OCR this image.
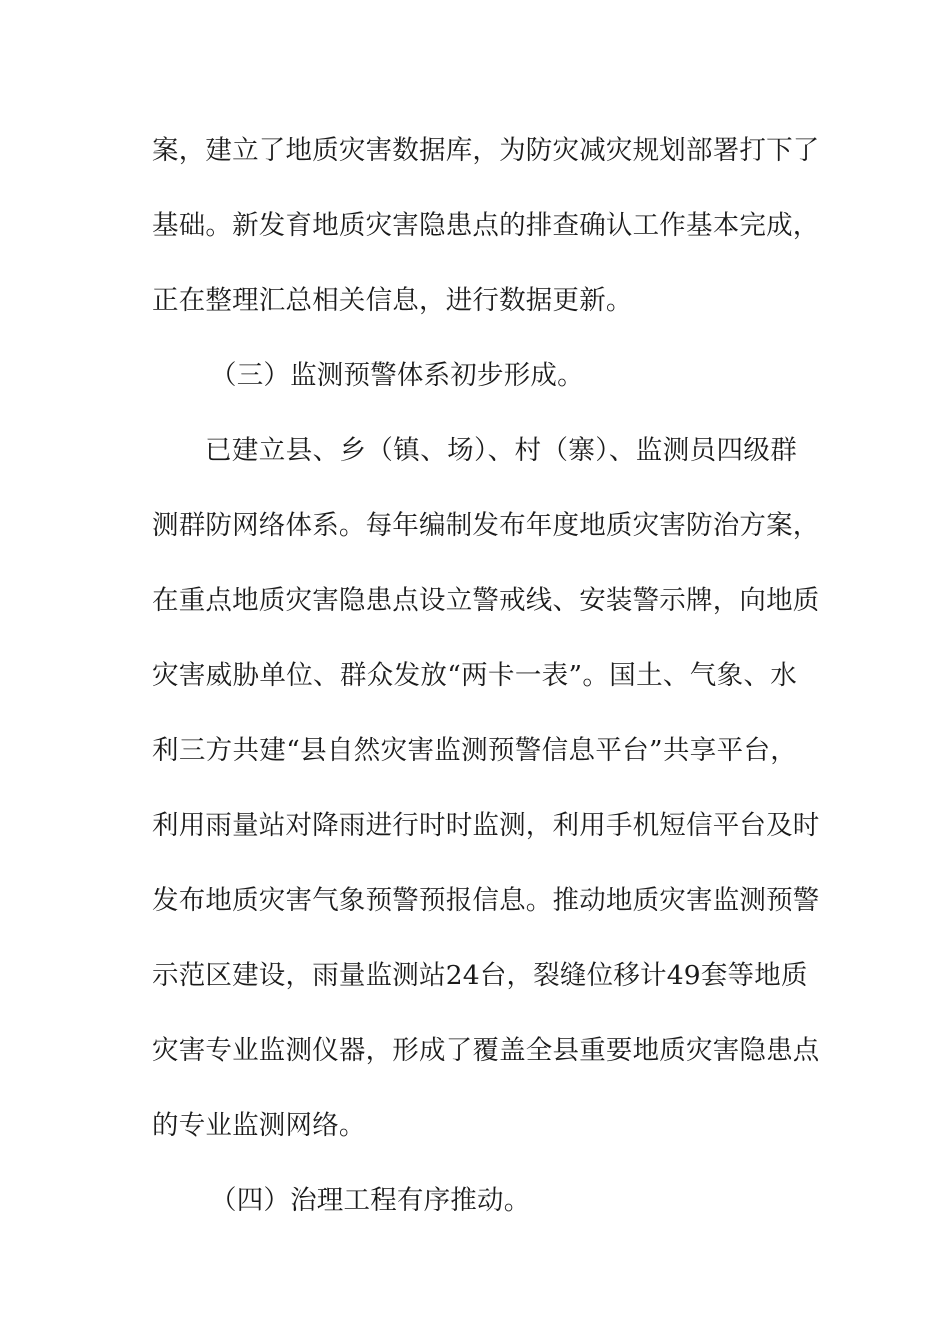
案，建立了地质灾害数据库，为防灾减灾规划部署打下了
基础。新发育地质灾害隐患点的排查确认工作基本完成，
正在整理汇总相关信息，进行数据更新。
（三）监测预警体系初步形成。
已建立县、乡（镇、场）、村（寨）、监测员四级群
测群防网络体系。每年编制发布年度地质灾害防治方案，
在重点地质灾害隐患点设立警戒线、安装警示牌，向地质
灾害威胁单位、群众发放“两卡一表”。国土、气象、水
利三方共建“县自然灾害监测预警信息平台”共享平台，
利用雨量站对降雨进行时时监测，利用手机短信平台及时
发布地质灾害气象预警预报信息。推动地质灾害监测预警
示范区建设，雨量监测站24台，裂缝位移计49套等地质
灾害专业监测仪器，形成了覆盖全县重要地质灾害隐患点
的专业监测网络。
（四）治理工程有序推动。
